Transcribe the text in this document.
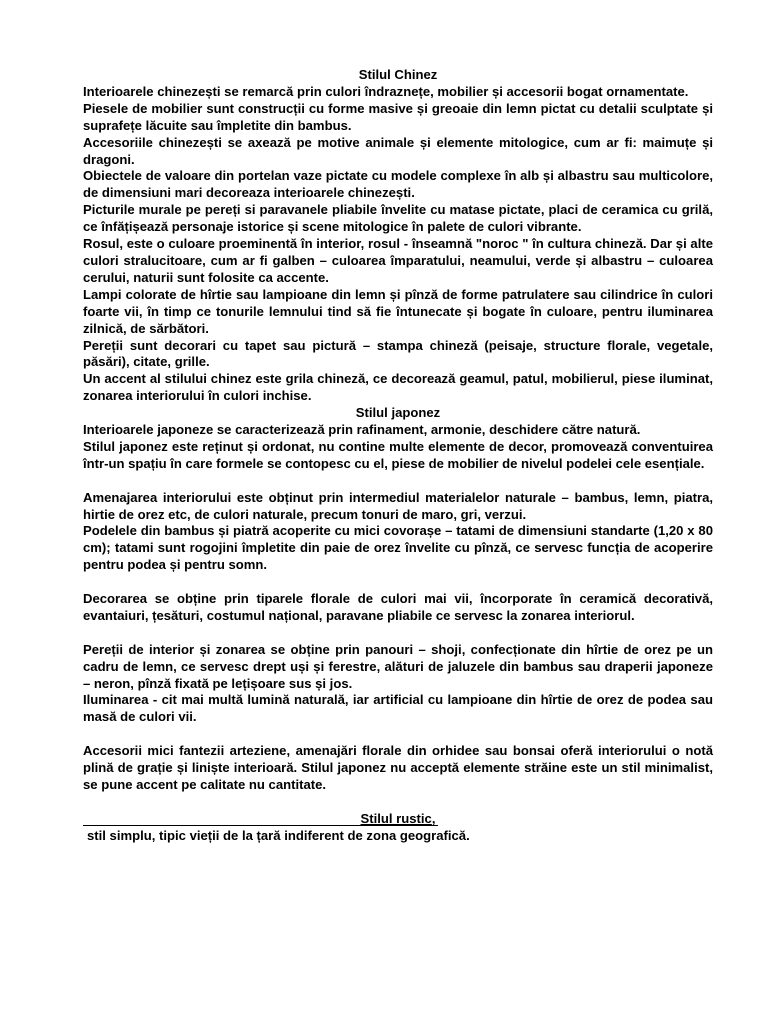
Stilul Chinez

Interioarele chinezești se remarcă prin culori îndraznețe, mobilier și accesorii bogat ornamentate.

Piesele de mobilier sunt construcții cu forme masive și greoaie din lemn pictat cu detalii sculptate și suprafețe lăcuite sau împletite din bambus.

Accesoriile chinezești se axează pe motive animale și elemente mitologice, cum ar fi: maimuțe și dragoni.

Obiectele de valoare din portelan vaze pictate cu modele complexe în alb și albastru sau multicolore, de dimensiuni mari decoreaza interioarele chinezești.

Picturile murale pe pereți si paravanele pliabile învelite cu matase pictate, placi de ceramica cu grilă, ce înfățișează personaje istorice și scene mitologice în palete de culori vibrante.

Rosul, este o culoare proeminentă în interior, rosul - înseamnă "noroc " în cultura chineză. Dar și alte culori stralucitoare, cum ar fi galben – culoarea împaratului, neamului, verde și albastru – culoarea cerului, naturii sunt folosite ca accente.

Lampi colorate de hîrtie sau lampioane din lemn și pînză de forme patrulatere sau cilindrice în culori foarte vii, în timp ce tonurile lemnului tind să fie întunecate și bogate în culoare, pentru iluminarea zilnică, de sărbători.

Pereții sunt decorari cu tapet sau pictură – stampa chineză (peisaje, structure florale, vegetale, păsări), citate, grille.

Un accent al stilului chinez este grila chineză, ce decorează geamul, patul, mobilierul, piese iluminat, zonarea interiorului în culori inchise.

Stilul japonez

Interioarele japoneze se caracterizează prin rafinament, armonie, deschidere către natură.

Stilul japonez este reținut și ordonat, nu contine multe elemente de decor, promovează conventuirea într-un spațiu în care formele se contopesc cu el, piese de mobilier de nivelul podelei cele esențiale.

Amenajarea interiorului este obținut prin intermediul materialelor naturale – bambus, lemn, piatra, hirtie de orez etc, de culori naturale, precum tonuri de maro, gri, verzui.

Podelele din bambus și piatră acoperite cu mici covorașe – tatami de dimensiuni standarte (1,20 x 80 cm); tatami sunt rogojini împletite din paie de orez învelite cu pînză, ce servesc funcția de acoperire pentru podea și pentru somn.

Decorarea se obține prin tiparele florale de culori mai vii, încorporate în ceramică decorativă, evantaiuri, țesături, costumul național, paravane pliabile ce servesc la zonarea interiorul.

Pereții de interior și zonarea se obține prin panouri – shoji, confecționate din hîrtie de orez pe un cadru de lemn, ce servesc drept uși și ferestre, alături de jaluzele din bambus sau draperii japoneze – neron, pînză fixată pe lețișoare sus și jos.

Iluminarea - cit mai multă lumină naturală, iar artificial cu lampioane din hîrtie de orez de podea sau masă de culori vii.

Accesorii mici fantezii arteziene, amenajări florale din orhidee sau bonsai oferă interiorului o notă plină de grație și liniște interioară. Stilul japonez nu acceptă elemente străine este un stil minimalist, se pune accent pe calitate nu cantitate.

Stilul rustic,

stil simplu, tipic vieții de la țară indiferent de zona geografică.
